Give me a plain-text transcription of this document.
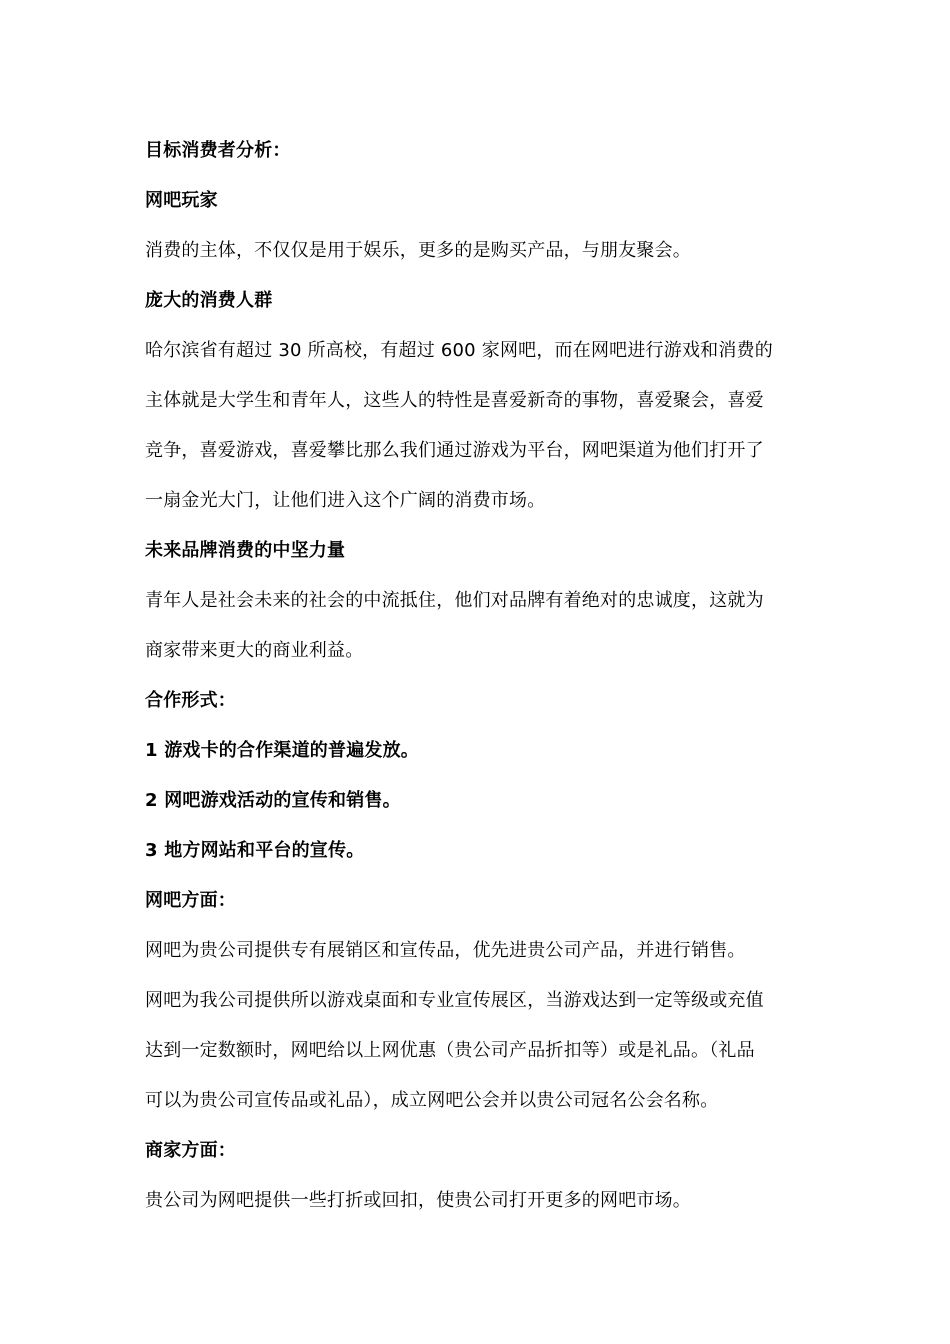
目标消费者分析：
网吧玩家
消费的主体，不仅仅是用于娱乐，更多的是购买产品，与朋友聚会。
庞大的消费人群
哈尔滨省有超过 30 所高校，有超过 600 家网吧，而在网吧进行游戏和消费的
主体就是大学生和青年人，这些人的特性是喜爱新奇的事物，喜爱聚会，喜爱
竞争，喜爱游戏，喜爱攀比那么我们通过游戏为平台，网吧渠道为他们打开了
一扇金光大门，让他们进入这个广阔的消费市场。
未来品牌消费的中坚力量
青年人是社会未来的社会的中流抵住，他们对品牌有着绝对的忠诚度，这就为
商家带来更大的商业利益。
合作形式：
1 游戏卡的合作渠道的普遍发放。
2 网吧游戏活动的宣传和销售。
3 地方网站和平台的宣传。
网吧方面：
网吧为贵公司提供专有展销区和宣传品，优先进贵公司产品，并进行销售。
网吧为我公司提供所以游戏桌面和专业宣传展区，当游戏达到一定等级或充值
达到一定数额时，网吧给以上网优惠（贵公司产品折扣等）或是礼品。（礼品
可以为贵公司宣传品或礼品），成立网吧公会并以贵公司冠名公会名称。
商家方面：
贵公司为网吧提供一些打折或回扣，使贵公司打开更多的网吧市场。
